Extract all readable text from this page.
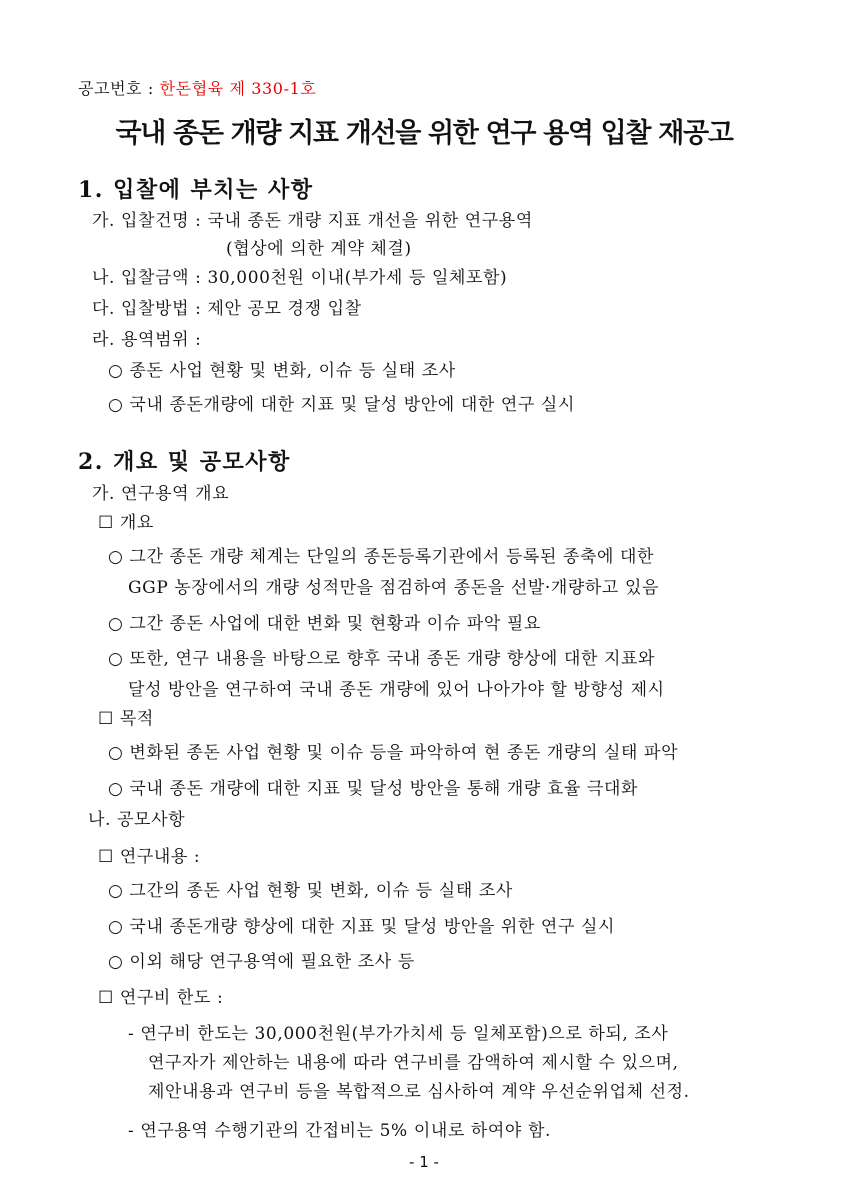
공고번호 : 한돈협육 제 330-1호
국내 종돈 개량 지표 개선을 위한 연구 용역 입찰 재공고
1. 입찰에 부치는 사항
가. 입찰건명 : 국내 종돈 개량 지표 개선을 위한 연구용역
(협상에 의한 계약 체결)
나. 입찰금액 : 30,000천원 이내(부가세 등 일체포함)
다. 입찰방법 : 제안 공모 경쟁 입찰
라. 용역범위 :
○ 종돈 사업 현황 및 변화, 이슈 등 실태 조사
○ 국내 종돈개량에 대한 지표 및 달성 방안에 대한 연구 실시
2. 개요 및 공모사항
가. 연구용역 개요
☐ 개요
○ 그간 종돈 개량 체계는 단일의 종돈등록기관에서 등록된 종축에 대한
GGP 농장에서의 개량 성적만을 점검하여 종돈을 선발·개량하고 있음
○ 그간 종돈 사업에 대한 변화 및 현황과 이슈 파악 필요
○ 또한, 연구 내용을 바탕으로 향후 국내 종돈 개량 향상에 대한 지표와
달성 방안을 연구하여 국내 종돈 개량에 있어 나아가야 할 방향성 제시
☐ 목적
○ 변화된 종돈 사업 현황 및 이슈 등을 파악하여 현 종돈 개량의 실태 파악
○ 국내 종돈 개량에 대한 지표 및 달성 방안을 통해 개량 효율 극대화
나. 공모사항
☐ 연구내용 :
○ 그간의 종돈 사업 현황 및 변화, 이슈 등 실태 조사
○ 국내 종돈개량 향상에 대한 지표 및 달성 방안을 위한 연구 실시
○ 이외 해당 연구용역에 필요한 조사 등
☐ 연구비 한도 :
- 연구비 한도는 30,000천원(부가가치세 등 일체포함)으로 하되, 조사
연구자가 제안하는 내용에 따라 연구비를 감액하여 제시할 수 있으며,
제안내용과 연구비 등을 복합적으로 심사하여 계약 우선순위업체 선정.
- 연구용역 수행기관의 간접비는 5% 이내로 하여야 함.
- 1 -
